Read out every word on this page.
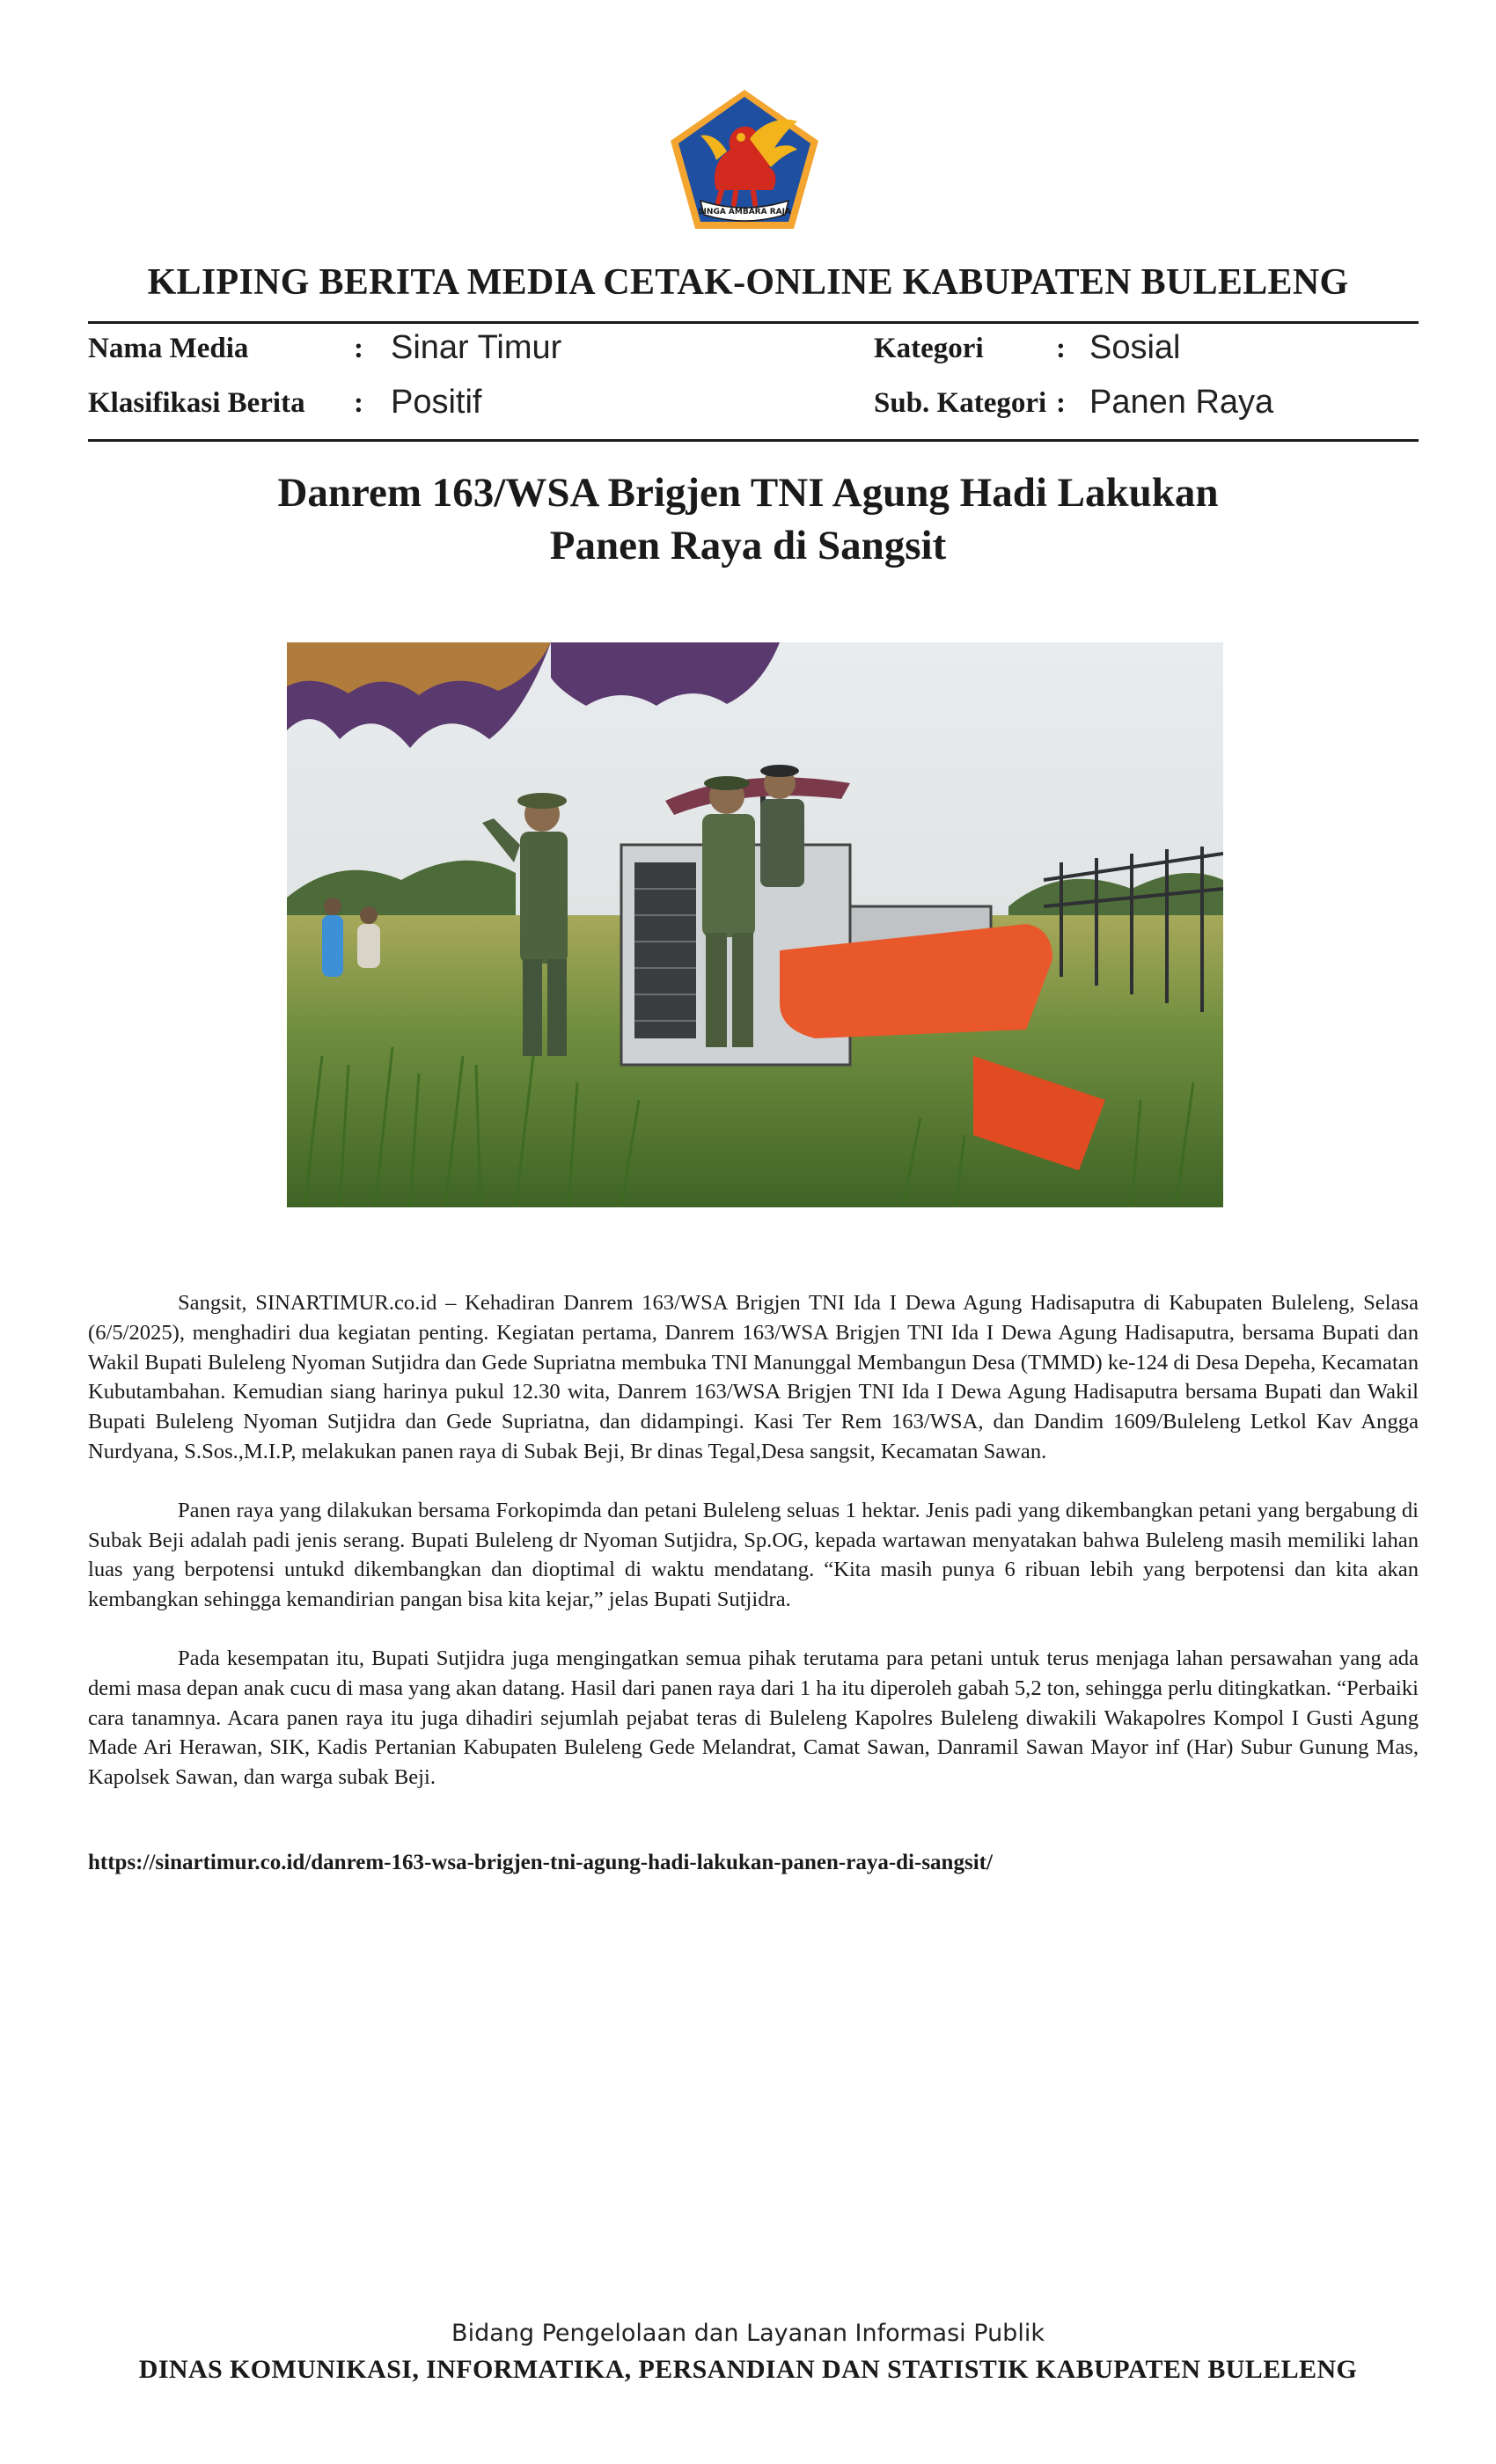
SINGA AMBARA RAJA
KLIPING BERITA MEDIA CETAK-ONLINE KABUPATEN BULELENG
Nama Media	: Sinar Timur	Kategori : Sosial
Klasifikasi Berita : Positif	Sub. Kategori : Panen Raya
Danrem 163/WSA Brigjen TNI Agung Hadi Lakukan
Panen Raya di Sangsit

Sangsit, SINARTIMUR.co.id – Kehadiran Danrem 163/WSA Brigjen TNI Ida I Dewa Agung Hadisaputra di Kabupaten Buleleng, Selasa (6/5/2025), menghadiri dua kegiatan penting. Kegiatan pertama, Danrem 163/WSA Brigjen TNI Ida I Dewa Agung Hadisaputra, bersama Bupati dan Wakil Bupati Buleleng Nyoman Sutjidra dan Gede Supriatna membuka TNI Manunggal Membangun Desa (TMMD) ke-124 di Desa Depeha, Kecamatan Kubutambahan. Kemudian siang harinya pukul 12.30 wita, Danrem 163/WSA Brigjen TNI Ida I Dewa Agung Hadisaputra bersama Bupati dan Wakil Bupati Buleleng Nyoman Sutjidra dan Gede Supriatna, dan didampingi. Kasi Ter Rem 163/WSA, dan Dandim 1609/Buleleng Letkol Kav Angga Nurdyana, S.Sos.,M.I.P, melakukan panen raya di Subak Beji, Br dinas Tegal,Desa sangsit, Kecamatan Sawan.

Panen raya yang dilakukan bersama Forkopimda dan petani Buleleng seluas 1 hektar. Jenis padi yang dikembangkan petani yang bergabung di Subak Beji adalah padi jenis serang. Bupati Buleleng dr Nyoman Sutjidra, Sp.OG, kepada wartawan menyatakan bahwa Buleleng masih memiliki lahan luas yang berpotensi untukd dikembangkan dan dioptimal di waktu mendatang. “Kita masih punya 6 ribuan lebih yang berpotensi dan kita akan kembangkan sehingga kemandirian pangan bisa kita kejar,” jelas Bupati Sutjidra.

Pada kesempatan itu, Bupati Sutjidra juga mengingatkan semua pihak terutama para petani untuk terus menjaga lahan persawahan yang ada demi masa depan anak cucu di masa yang akan datang. Hasil dari panen raya dari 1 ha itu diperoleh gabah 5,2 ton, sehingga perlu ditingkatkan. “Perbaiki cara tanamnya. Acara panen raya itu juga dihadiri sejumlah pejabat teras di Buleleng Kapolres Buleleng diwakili Wakapolres Kompol I Gusti Agung Made Ari Herawan, SIK, Kadis Pertanian Kabupaten Buleleng Gede Melandrat, Camat Sawan, Danramil Sawan Mayor inf (Har) Subur Gunung Mas, Kapolsek Sawan, dan warga subak Beji.

https://sinartimur.co.id/danrem-163-wsa-brigjen-tni-agung-hadi-lakukan-panen-raya-di-sangsit/
Bidang Pengelolaan dan Layanan Informasi Publik
DINAS KOMUNIKASI, INFORMATIKA, PERSANDIAN DAN STATISTIK KABUPATEN BULELENG
